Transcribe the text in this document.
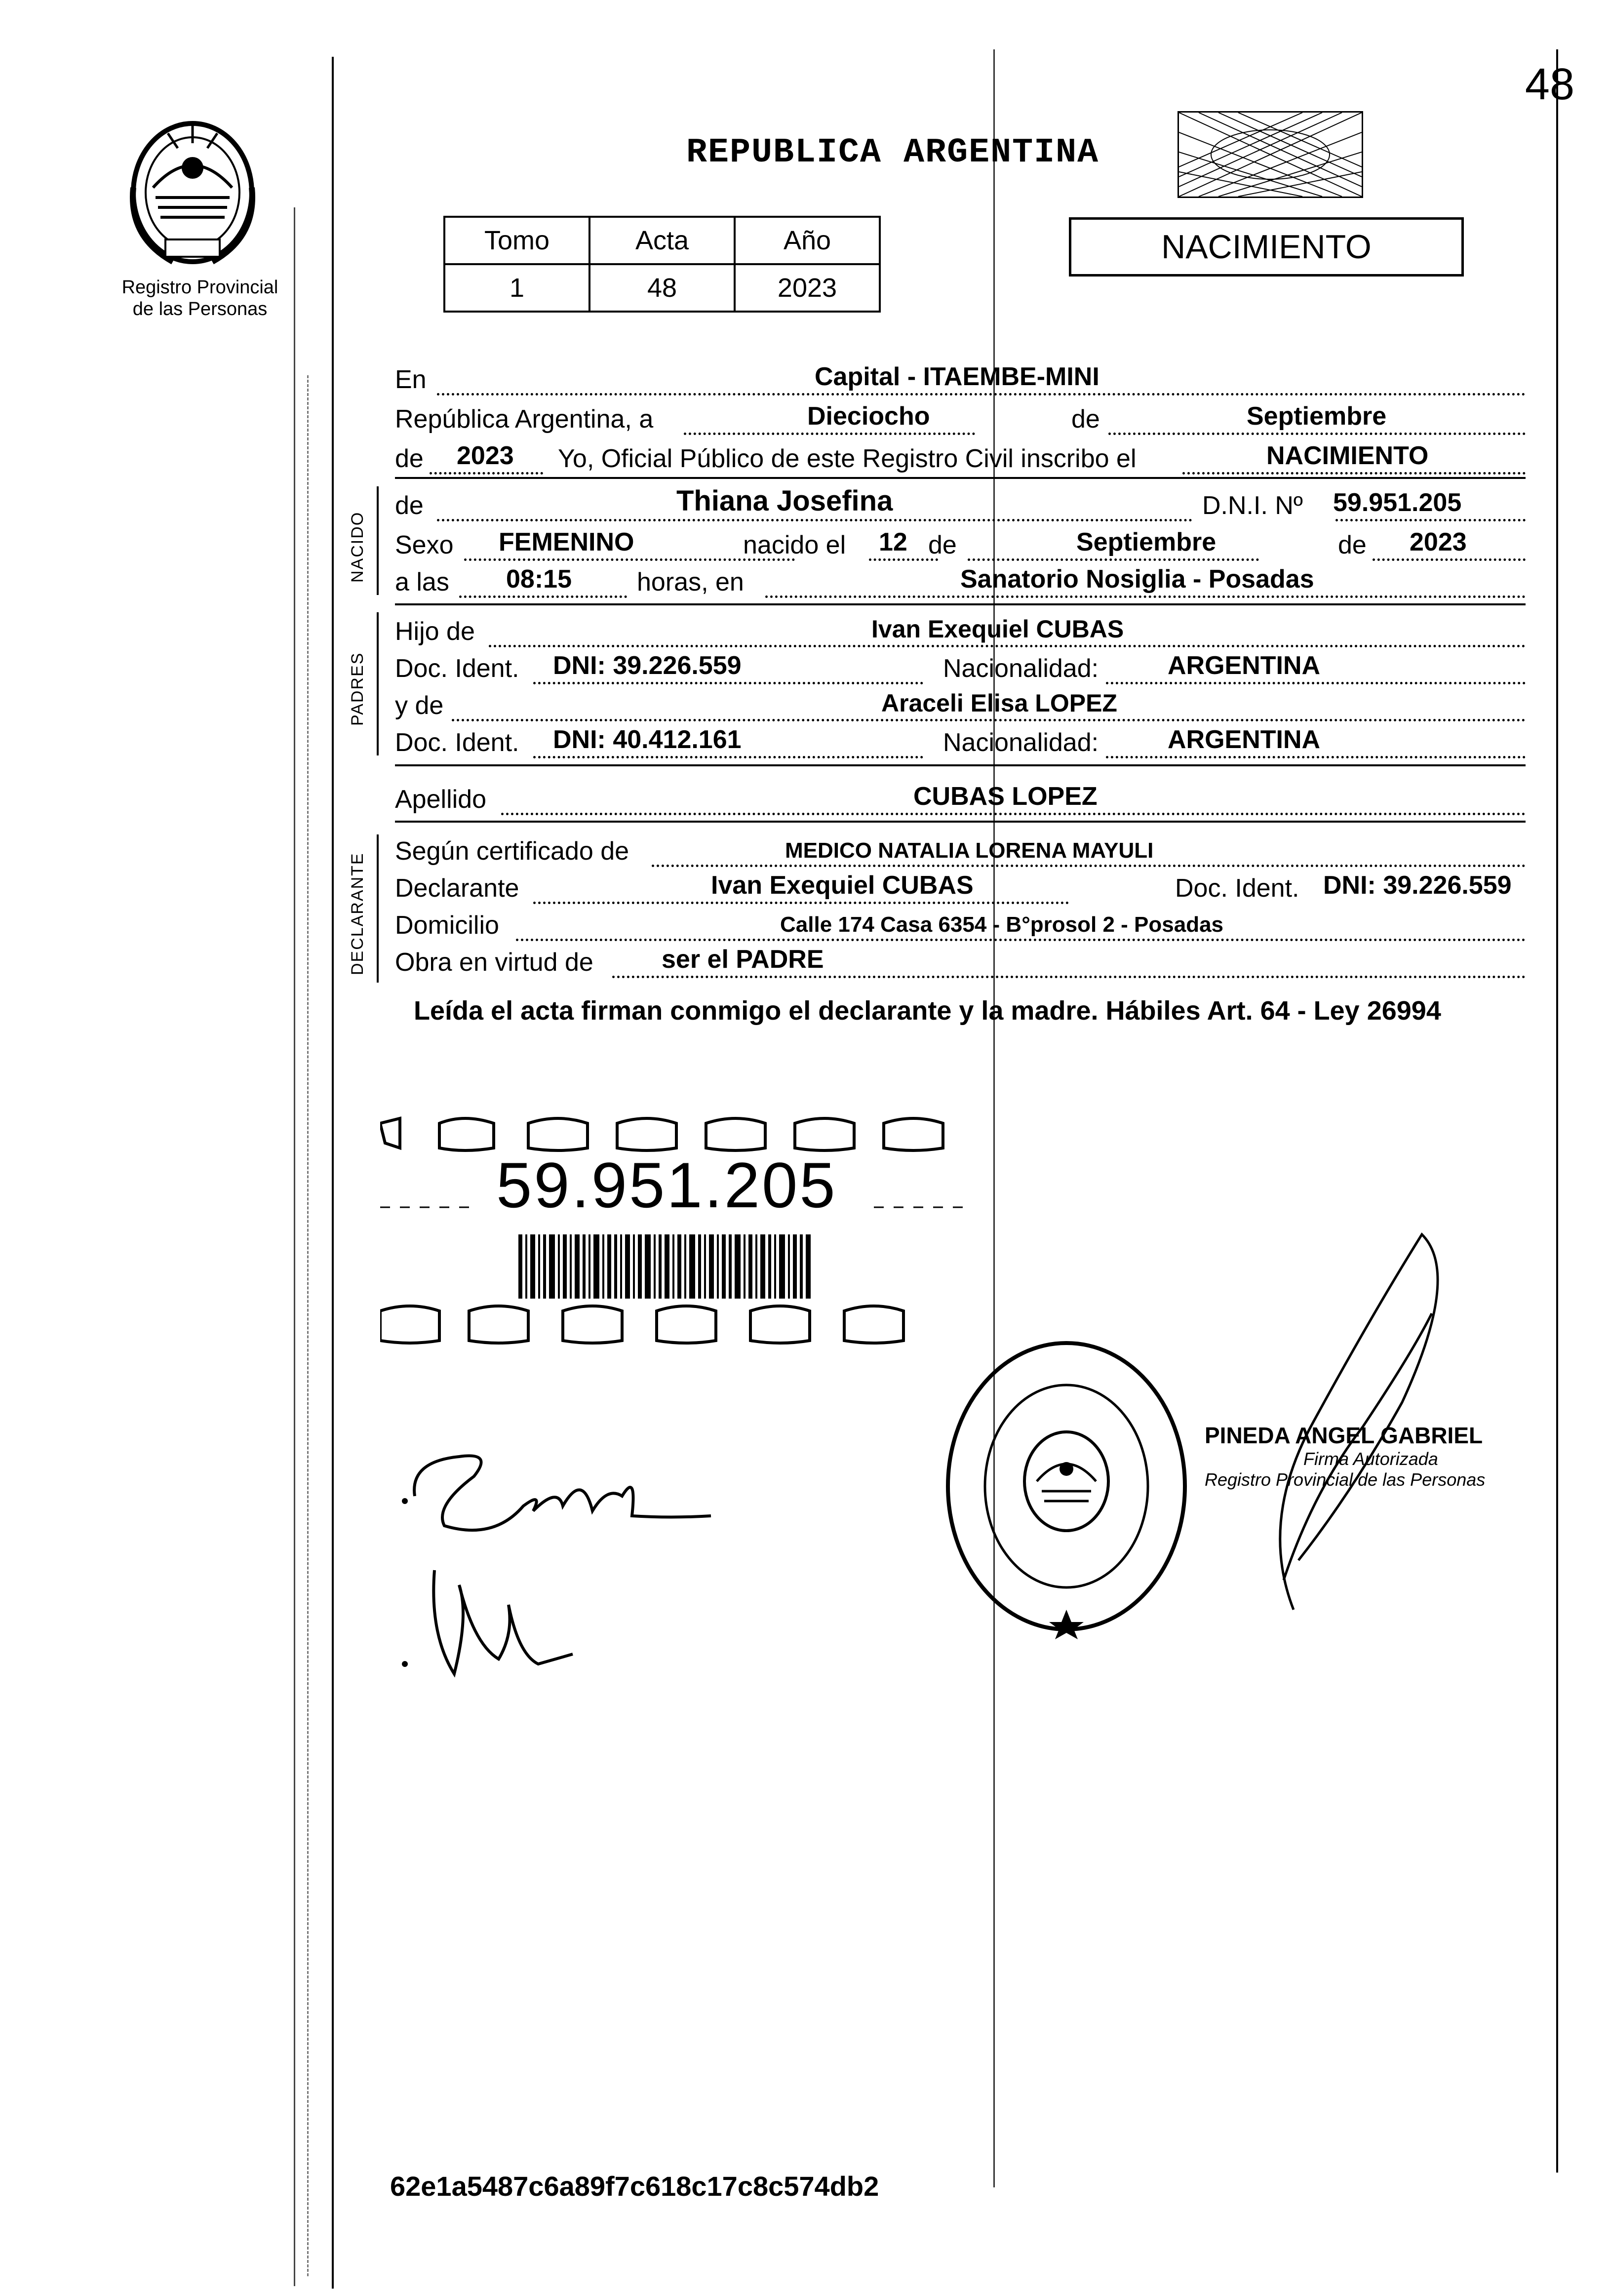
48
Registro Provincial
de las Personas
REPUBLICA ARGENTINA
Tomo	Acta	Año
1	48	2023
NACIMIENTO
En	Capital - ITAEMBE-MINI
República Argentina, a	Dieciocho	de	Septiembre
de 2023 Yo, Oficial Público de este Registro Civil inscribo el	NACIMIENTO
NACIDO
de	Thiana Josefina	D.N.I. Nº 59.951.205
Sexo FEMENINO	nacido el 12 de	Septiembre	de 2023
a las 08:15	horas, en	Sanatorio Nosiglia - Posadas
PADRES
Hijo de	Ivan Exequiel CUBAS
Doc. Ident. DNI: 39.226.559	Nacionalidad:	ARGENTINA
y de	Araceli Elisa LOPEZ
Doc. Ident. DNI: 40.412.161	Nacionalidad:	ARGENTINA
Apellido	CUBAS LOPEZ
DECLARANTE
Según certificado de	MEDICO NATALIA LORENA MAYULI
Declarante	Ivan Exequiel CUBAS	Doc. Ident. DNI: 39.226.559
Domicilio	Calle 174 Casa 6354 - B°prosol 2 - Posadas
Obra en virtud de	ser el PADRE
Leída el acta firman conmigo el declarante y la madre. Hábiles Art. 64 - Ley 26994
59.951.205
PINEDA ANGEL GABRIEL
Firma Autorizada
Registro Provincial de las Personas
62e1a5487c6a89f7c618c17c8c574db2
